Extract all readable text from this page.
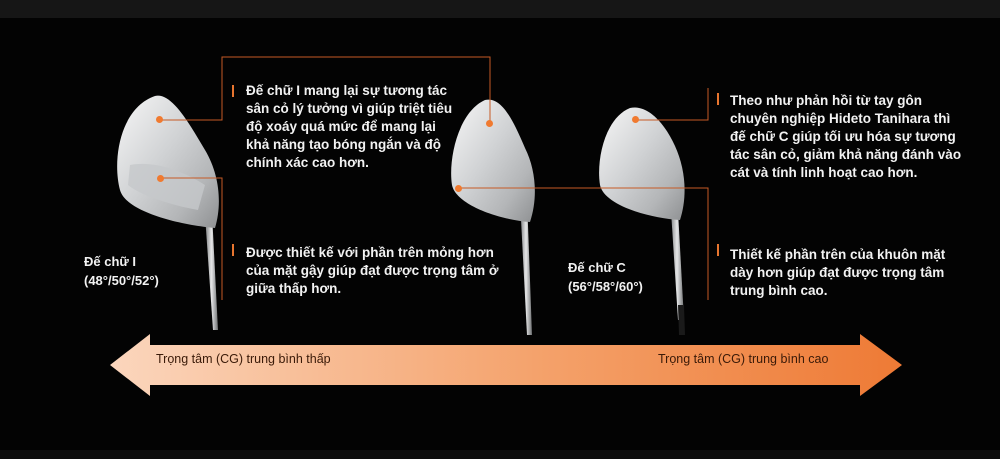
Đế chữ I mang lại sự tương tác sân cỏ lý tưởng vì giúp triệt tiêu độ xoáy quá mức để mang lại khả năng tạo bóng ngắn và độ chính xác cao hơn.
Được thiết kế với phần trên mỏng hơn của mặt gậy giúp đạt được trọng tâm ở giữa thấp hơn.
Theo như phản hồi từ tay gôn chuyên nghiệp Hideto Tanihara thì đế chữ C giúp tối ưu hóa sự tương tác sân cỏ, giảm khả năng đánh vào cát và tính linh hoạt cao hơn.
Thiết kế phần trên của khuôn mặt dày hơn giúp đạt được trọng tâm trung bình cao.
Đế chữ I
(48°/50°/52°)
Đế chữ C
(56°/58°/60°)
Trọng tâm (CG) trung bình thấp	Trọng tâm (CG) trung bình cao
